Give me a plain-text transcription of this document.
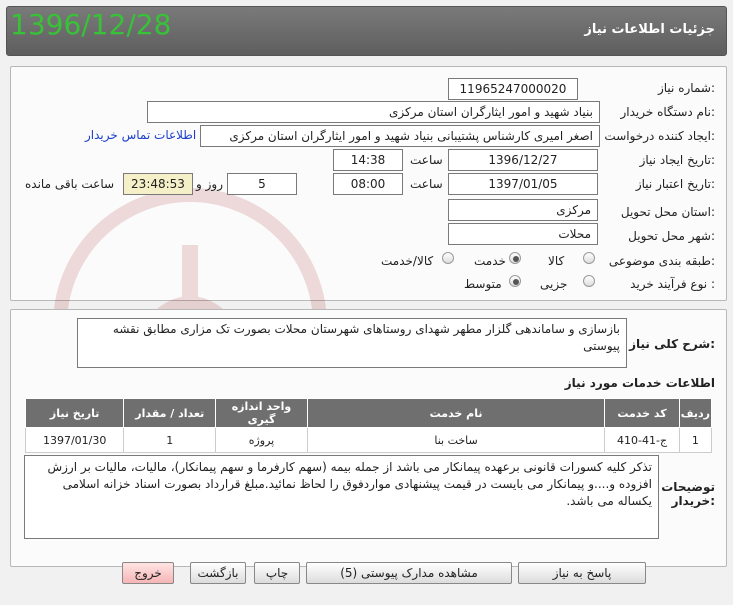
جزئیات اطلاعات نیاز
1396/12/28
شماره نیاز:
1196524700002​0
نام دستگاه خریدار:
بنیاد شهید و امور ایثارگران استان مرکزی
ایجاد کننده درخواست:
اصغر امیری کارشناس پشتیبانی بنیاد شهید و امور ایثارگران استان مرکزی
اطلاعات تماس خریدار
تاریخ ایجاد نیاز:
1396/12/27
ساعت
14:38
تاریخ اعتبار نیاز:
1397/01/05
ساعت
08:00
5
روز و
23:48:53
ساعت باقی مانده
استان محل تحویل:
مرکزی
شهر محل تحویل:
محلات
طبقه بندی موضوعی:
کالا
خدمت
کالا/خدمت
نوع فرآیند خرید :
جزیی
متوسط
شرح کلی نیاز:
بازسازی و ساماندهی گلزار مطهر شهدای روستاهای شهرستان محلات بصورت تک مزاری مطابق نقشه پیوستی
اطلاعات خدمات مورد نیاز
ردیف	کد خدمت	نام خدمت	واحد اندازه گیری	تعداد / مقدار	تاریخ نیاز
1	ج-41-410	ساخت بنا	پروژه	1	1397/01/30
توضیحات خریدار:
تذکر کلیه کسورات قانونی برعهده پیمانکار می باشد از جمله بیمه (سهم کارفرما و سهم پیمانکار)، مالیات، مالیات بر ارزش افزوده و....و پیمانکار می بایست در قیمت پیشنهادی مواردفوق را لحاظ نمائید.مبلغ قرارداد بصورت اسناد خزانه اسلامی یکساله می باشد.
پاسخ به نیاز
مشاهده مدارک پیوستی (5)
چاپ
بازگشت
خروج
